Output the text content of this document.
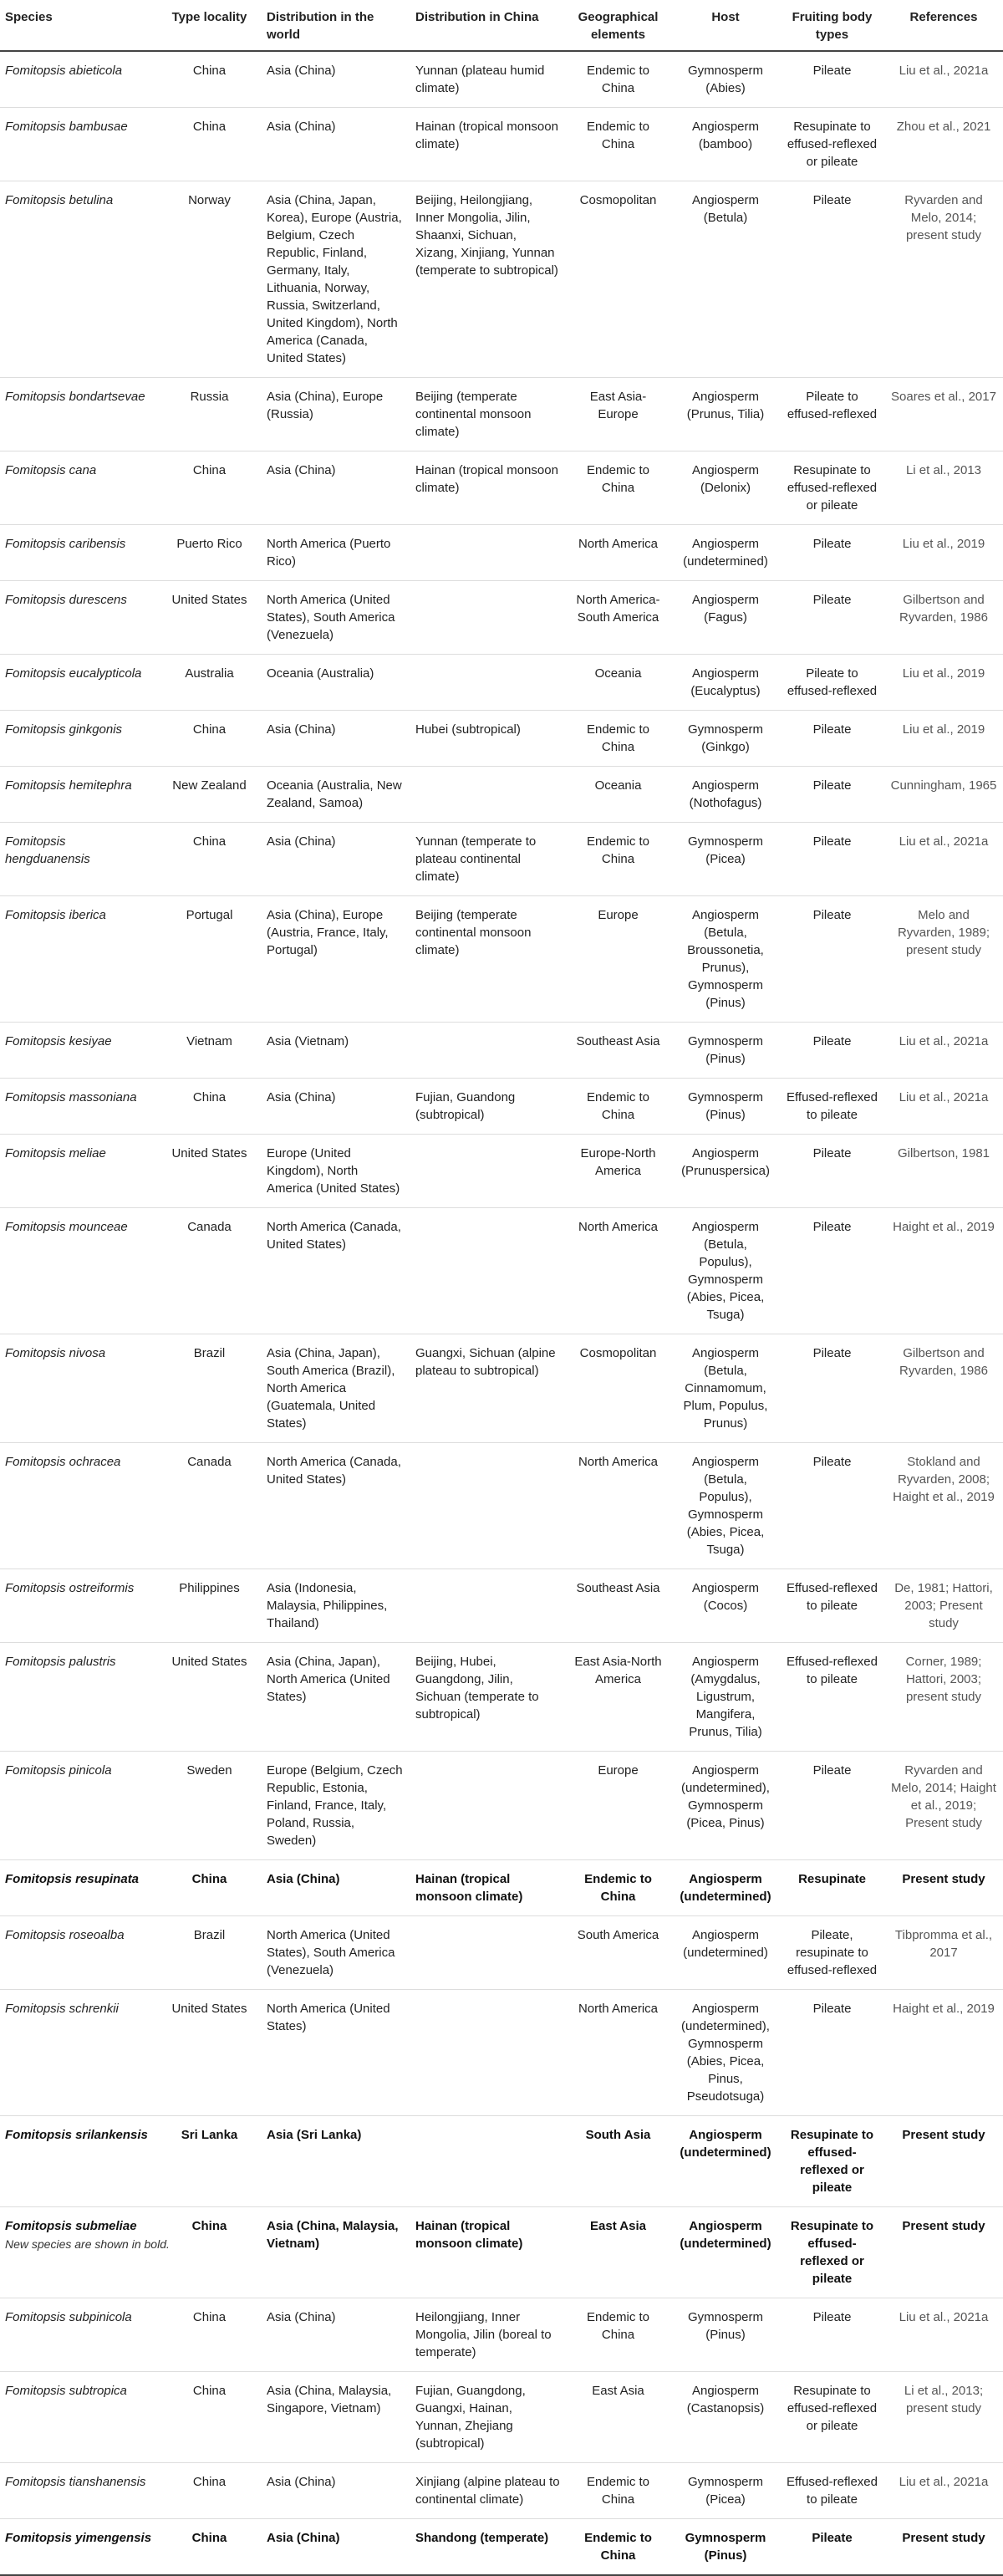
Species	Type locality	Distribution in the world	Distribution in China	Geographical elements	Host	Fruiting body types	References
Fomitopsis abieticola	China	Asia (China)	Yunnan (plateau humid climate)	Endemic to China	Gymnosperm (Abies)	Pileate	Liu et al., 2021a
Fomitopsis bambusae	China	Asia (China)	Hainan (tropical monsoon climate)	Endemic to China	Angiosperm (bamboo)	Resupinate to effused-reflexed or pileate	Zhou et al., 2021
Fomitopsis betulina	Norway	Asia (China, Japan, Korea), Europe (Austria, Belgium, Czech Republic, Finland, Germany, Italy, Lithuania, Norway, Russia, Switzerland, United Kingdom), North America (Canada, United States)	Beijing, Heilongjiang, Inner Mongolia, Jilin, Shaanxi, Sichuan, Xizang, Xinjiang, Yunnan (temperate to subtropical)	Cosmopolitan	Angiosperm (Betula)	Pileate	Ryvarden and Melo, 2014; present study
Fomitopsis bondartsevae	Russia	Asia (China), Europe (Russia)	Beijing (temperate continental monsoon climate)	East Asia-Europe	Angiosperm (Prunus, Tilia)	Pileate to effused-reflexed	Soares et al., 2017
Fomitopsis cana	China	Asia (China)	Hainan (tropical monsoon climate)	Endemic to China	Angiosperm (Delonix)	Resupinate to effused-reflexed or pileate	Li et al., 2013
Fomitopsis caribensis	Puerto Rico	North America (Puerto Rico)		North America	Angiosperm (undetermined)	Pileate	Liu et al., 2019
Fomitopsis durescens	United States	North America (United States), South America (Venezuela)		North America-South America	Angiosperm (Fagus)	Pileate	Gilbertson and Ryvarden, 1986
Fomitopsis eucalypticola	Australia	Oceania (Australia)		Oceania	Angiosperm (Eucalyptus)	Pileate to effused-reflexed	Liu et al., 2019
Fomitopsis ginkgonis	China	Asia (China)	Hubei (subtropical)	Endemic to China	Gymnosperm (Ginkgo)	Pileate	Liu et al., 2019
Fomitopsis hemitephra	New Zealand	Oceania (Australia, New Zealand, Samoa)		Oceania	Angiosperm (Nothofagus)	Pileate	Cunningham, 1965
Fomitopsis hengduanensis	China	Asia (China)	Yunnan (temperate to plateau continental climate)	Endemic to China	Gymnosperm (Picea)	Pileate	Liu et al., 2021a
Fomitopsis iberica	Portugal	Asia (China), Europe (Austria, France, Italy, Portugal)	Beijing (temperate continental monsoon climate)	Europe	Angiosperm (Betula, Broussonetia, Prunus), Gymnosperm (Pinus)	Pileate	Melo and Ryvarden, 1989; present study
Fomitopsis kesiyae	Vietnam	Asia (Vietnam)		Southeast Asia	Gymnosperm (Pinus)	Pileate	Liu et al., 2021a
Fomitopsis massoniana	China	Asia (China)	Fujian, Guandong (subtropical)	Endemic to China	Gymnosperm (Pinus)	Effused-reflexed to pileate	Liu et al., 2021a
Fomitopsis meliae	United States	Europe (United Kingdom), North America (United States)		Europe-North America	Angiosperm (Prunuspersica)	Pileate	Gilbertson, 1981
Fomitopsis mounceae	Canada	North America (Canada, United States)		North America	Angiosperm (Betula, Populus), Gymnosperm (Abies, Picea, Tsuga)	Pileate	Haight et al., 2019
Fomitopsis nivosa	Brazil	Asia (China, Japan), South America (Brazil), North America (Guatemala, United States)	Guangxi, Sichuan (alpine plateau to subtropical)	Cosmopolitan	Angiosperm (Betula, Cinnamomum, Plum, Populus, Prunus)	Pileate	Gilbertson and Ryvarden, 1986
Fomitopsis ochracea	Canada	North America (Canada, United States)		North America	Angiosperm (Betula, Populus), Gymnosperm (Abies, Picea, Tsuga)	Pileate	Stokland and Ryvarden, 2008; Haight et al., 2019
Fomitopsis ostreiformis	Philippines	Asia (Indonesia, Malaysia, Philippines, Thailand)		Southeast Asia	Angiosperm (Cocos)	Effused-reflexed to pileate	De, 1981; Hattori, 2003; Present study
Fomitopsis palustris	United States	Asia (China, Japan), North America (United States)	Beijing, Hubei, Guangdong, Jilin, Sichuan (temperate to subtropical)	East Asia-North America	Angiosperm (Amygdalus, Ligustrum, Mangifera, Prunus, Tilia)	Effused-reflexed to pileate	Corner, 1989; Hattori, 2003; present study
Fomitopsis pinicola	Sweden	Europe (Belgium, Czech Republic, Estonia, Finland, France, Italy, Poland, Russia, Sweden)		Europe	Angiosperm (undetermined), Gymnosperm (Picea, Pinus)	Pileate	Ryvarden and Melo, 2014; Haight et al., 2019; Present study
Fomitopsis resupinata	China	Asia (China)	Hainan (tropical monsoon climate)	Endemic to China	Angiosperm (undetermined)	Resupinate	Present study
Fomitopsis roseoalba	Brazil	North America (United States), South America (Venezuela)		South America	Angiosperm (undetermined)	Pileate, resupinate to effused-reflexed	Tibpromma et al., 2017
Fomitopsis schrenkii	United States	North America (United States)		North America	Angiosperm (undetermined), Gymnosperm (Abies, Picea, Pinus, Pseudotsuga)	Pileate	Haight et al., 2019
Fomitopsis srilankensis	Sri Lanka	Asia (Sri Lanka)		South Asia	Angiosperm (undetermined)	Resupinate to effused-reflexed or pileate	Present study
Fomitopsis submeliae	China	Asia (China, Malaysia, Vietnam)	Hainan (tropical monsoon climate)	East Asia	Angiosperm (undetermined)	Resupinate to effused-reflexed or pileate	Present study
Fomitopsis subpinicola	China	Asia (China)	Heilongjiang, Inner Mongolia, Jilin (boreal to temperate)	Endemic to China	Gymnosperm (Pinus)	Pileate	Liu et al., 2021a
Fomitopsis subtropica	China	Asia (China, Malaysia, Singapore, Vietnam)	Fujian, Guangdong, Guangxi, Hainan, Yunnan, Zhejiang (subtropical)	East Asia	Angiosperm (Castanopsis)	Resupinate to effused-reflexed or pileate	Li et al., 2013; present study
Fomitopsis tianshanensis	China	Asia (China)	Xinjiang (alpine plateau to continental climate)	Endemic to China	Gymnosperm (Picea)	Effused-reflexed to pileate	Liu et al., 2021a
Fomitopsis yimengensis	China	Asia (China)	Shandong (temperate)	Endemic to China	Gymnosperm (Pinus)	Pileate	Present study
New species are shown in bold.
